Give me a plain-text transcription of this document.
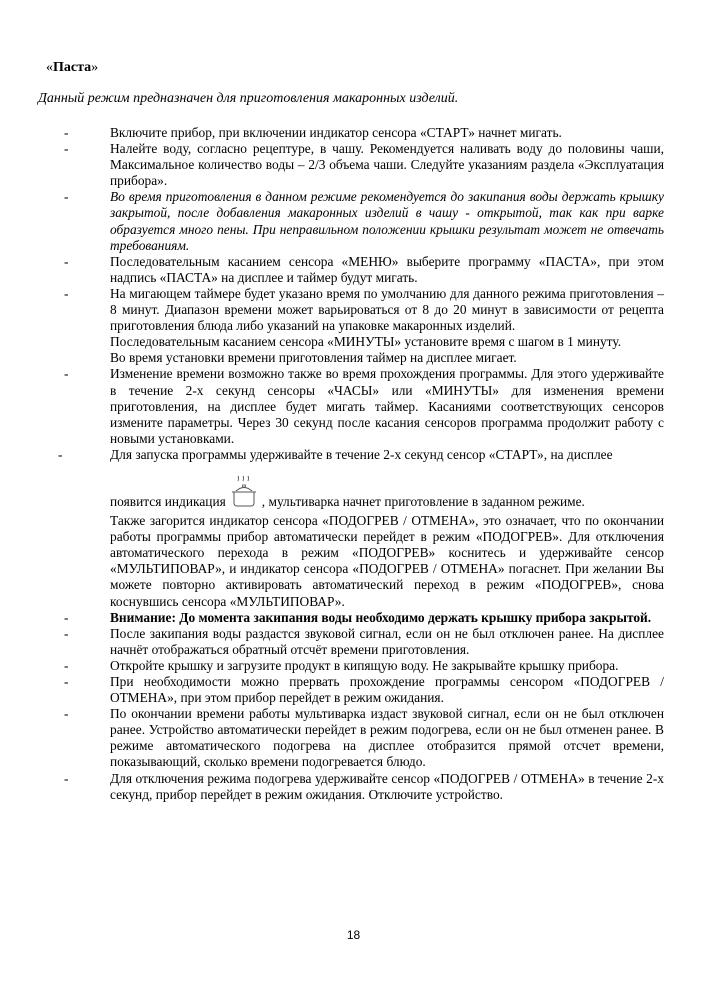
«Паста»
Данный режим предназначен для приготовления макаронных изделий.
-	Включите прибор, при включении индикатор сенсора «СТАРТ» начнет мигать.
-	Налейте воду, согласно рецептуре, в чашу. Рекомендуется наливать воду до половины чаши, Максимальное количество воды – 2/3 объема чаши. Следуйте указаниям раздела «Эксплуатация прибора».
-	Во время приготовления в данном режиме рекомендуется до закипания воды держать крышку закрытой, после добавления макаронных изделий в чашу - открытой, так как при варке образуется много пены. При неправильном положении крышки результат может не отвечать требованиям.
-	Последовательным касанием сенсора «МЕНЮ» выберите программу «ПАСТА», при этом надпись «ПАСТА» на дисплее и таймер будут мигать.
-	На мигающем таймере будет указано время по умолчанию для данного режима приготовления – 8 минут. Диапазон времени может варьироваться от 8 до 20 минут в зависимости от рецепта приготовления блюда либо указаний на упаковке макаронных изделий.
Последовательным касанием сенсора «МИНУТЫ» установите время с шагом в 1 минуту.
Во время установки времени приготовления таймер на дисплее мигает.
-	Изменение времени возможно также во время прохождения программы. Для этого удерживайте в течение 2-х секунд сенсоры «ЧАСЫ» или «МИНУТЫ» для изменения времени приготовления, на дисплее будет мигать таймер. Касаниями соответствующих сенсоров измените параметры. Через 30 секунд после касания сенсоров программа продолжит работу с новыми установками.
-	Для запуска программы удерживайте в течение 2-х секунд сенсор «СТАРТ», на дисплее
появится индикация	, мультиварка начнет приготовление в заданном режиме.
Также загорится индикатор сенсора «ПОДОГРЕВ / ОТМЕНА», это означает, что по окончании работы программы прибор автоматически перейдет в режим «ПОДОГРЕВ». Для отключения автоматического перехода в режим «ПОДОГРЕВ» коснитесь и удерживайте сенсор «МУЛЬТИПОВАР», и индикатор сенсора «ПОДОГРЕВ / ОТМЕНА» погаснет. При желании Вы можете повторно активировать автоматический переход в режим «ПОДОГРЕВ», снова коснувшись сенсора «МУЛЬТИПОВАР».
-	Внимание: До момента закипания воды необходимо держать крышку прибора закрытой.
-	После закипания воды раздастся звуковой сигнал, если он не был отключен ранее. На дисплее начнёт отображаться обратный отсчёт времени приготовления.
-	Откройте крышку и загрузите продукт в кипящую воду. Не закрывайте крышку прибора.
-	При необходимости можно прервать прохождение программы сенсором «ПОДОГРЕВ / ОТМЕНА», при этом прибор перейдет в режим ожидания.
-	По окончании времени работы мультиварка издаст звуковой сигнал, если он не был отключен ранее. Устройство автоматически перейдет в режим подогрева, если он не был отменен ранее. В режиме автоматического подогрева на дисплее отобразится прямой отсчет времени, показывающий, сколько времени подогревается блюдо.
-	Для отключения режима подогрева удерживайте сенсор «ПОДОГРЕВ / ОТМЕНА» в течение 2-х секунд, прибор перейдет в режим ожидания. Отключите устройство.
18
